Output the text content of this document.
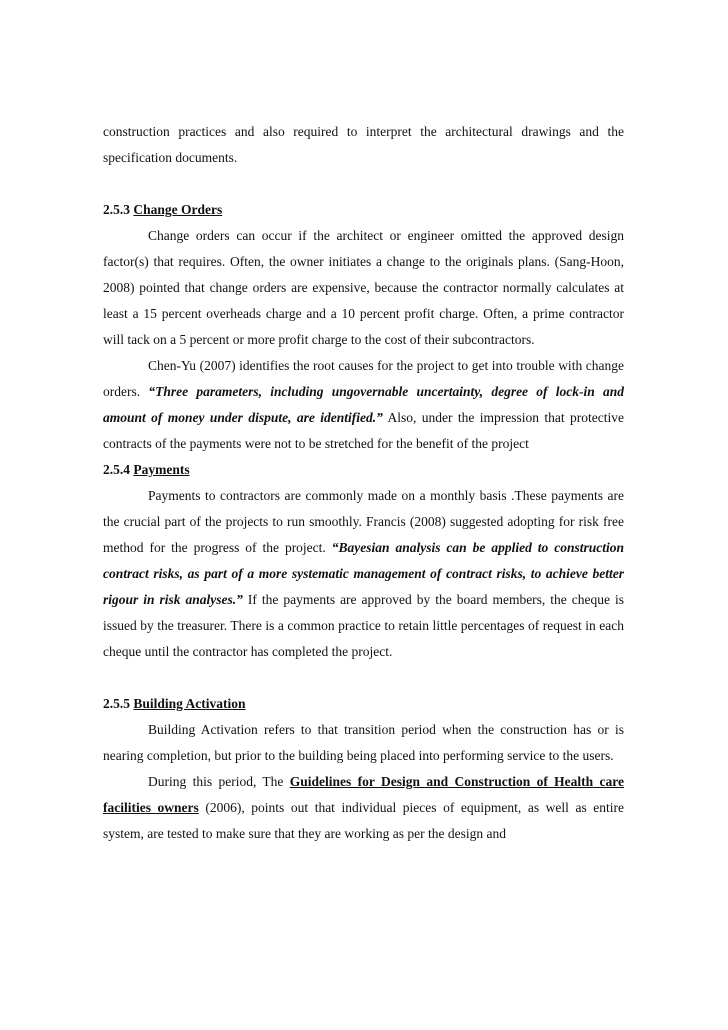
construction practices and also required to interpret the architectural drawings and the specification documents.

2.5.3 Change Orders

Change orders can occur if the architect or engineer omitted the approved design factor(s) that requires. Often, the owner initiates a change to the originals plans. (Sang-Hoon, 2008) pointed that change orders are expensive, because the contractor normally calculates at least a 15 percent overheads charge and a 10 percent profit charge. Often, a prime contractor will tack on a 5 percent or more profit charge to the cost of their subcontractors.

Chen-Yu (2007) identifies the root causes for the project to get into trouble with change orders. “Three parameters, including ungovernable uncertainty, degree of lock-in and amount of money under dispute, are identified.” Also, under the impression that protective contracts of the payments were not to be stretched for the benefit of the project

2.5.4 Payments

Payments to contractors are commonly made on a monthly basis .These payments are the crucial part of the projects to run smoothly. Francis (2008) suggested adopting for risk free method for the progress of the project. “Bayesian analysis can be applied to construction contract risks, as part of a more systematic management of contract risks, to achieve better rigour in risk analyses.” If the payments are approved by the board members, the cheque is issued by the treasurer. There is a common practice to retain little percentages of request in each cheque until the contractor has completed the project.

2.5.5 Building Activation

Building Activation refers to that transition period when the construction has or is nearing completion, but prior to the building being placed into performing service to the users.

During this period, The Guidelines for Design and Construction of Health care facilities owners (2006), points out that individual pieces of equipment, as well as entire system, are tested to make sure that they are working as per the design and
